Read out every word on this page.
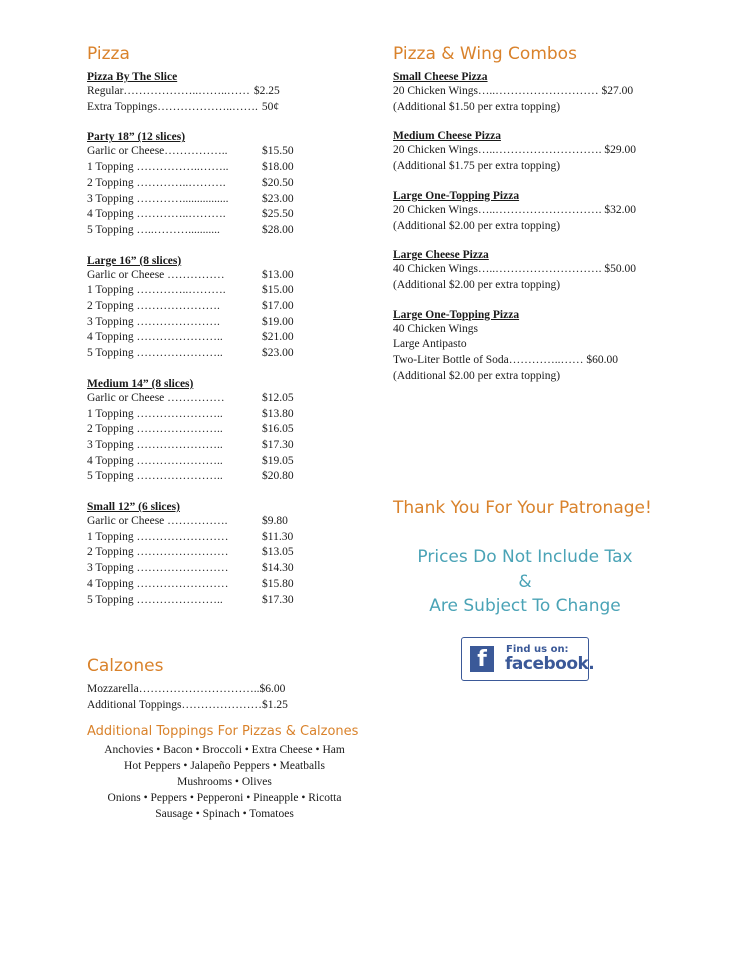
Pizza
Pizza By The Slice
Regular………………..……..…… $2.25
Extra Toppings………………..……. 50¢
Party 18” (12 slices)
Garlic or Cheese……………..	$15.50
1 Topping ……………..……..	$18.00
2 Topping …………..……….	$20.50
3 Topping …………................	$23.00
4 Topping …………..……….	$25.50
5 Topping …..………...........	$28.00
Large 16” (8 slices)
Garlic or Cheese ……………	$13.00
1 Topping …………..……….	$15.00
2 Topping ………………….	$17.00
3 Topping ………………….	$19.00
4 Topping …………………..	$21.00
5 Topping …………………..	$23.00
Medium 14” (8 slices)
Garlic or Cheese ……………	$12.05
1 Topping …………………..	$13.80
2 Topping …………………..	$16.05
3 Topping …………………..	$17.30
4 Topping …………………..	$19.05
5 Topping …………………..	$20.80
Small 12” (6 slices)
Garlic or Cheese …………….	$9.80
1 Topping ……………………	$11.30
2 Topping ……………………	$13.05
3 Topping ……………………	$14.30
4 Topping ……………………	$15.80
5 Topping …………………..	$17.30
Pizza & Wing Combos
Small Cheese Pizza
20 Chicken Wings…..……………………… $27.00
(Additional $1.50 per extra topping)
Medium Cheese Pizza
20 Chicken Wings…..………………………. $29.00
(Additional $1.75 per extra topping)
Large One-Topping Pizza
20 Chicken Wings…..………………………. $32.00
(Additional $2.00 per extra topping)
Large Cheese Pizza
40 Chicken Wings…..………………………. $50.00
(Additional $2.00 per extra topping)
Large One-Topping Pizza
40 Chicken Wings
Large Antipasto
Two-Liter Bottle of Soda…………..…… $60.00
(Additional $2.00 per extra topping)
Thank You For Your Patronage!
Prices Do Not Include Tax
&
Are Subject To Change
f	Find us on:
facebook.
Calzones
Mozzarella…………………………..$6.00
Additional Toppings…………………$1.25
Additional Toppings For Pizzas & Calzones
Anchovies • Bacon • Broccoli • Extra Cheese • Ham
Hot Peppers • Jalapeño Peppers • Meatballs
Mushrooms • Olives
Onions • Peppers • Pepperoni • Pineapple • Ricotta
Sausage • Spinach • Tomatoes
